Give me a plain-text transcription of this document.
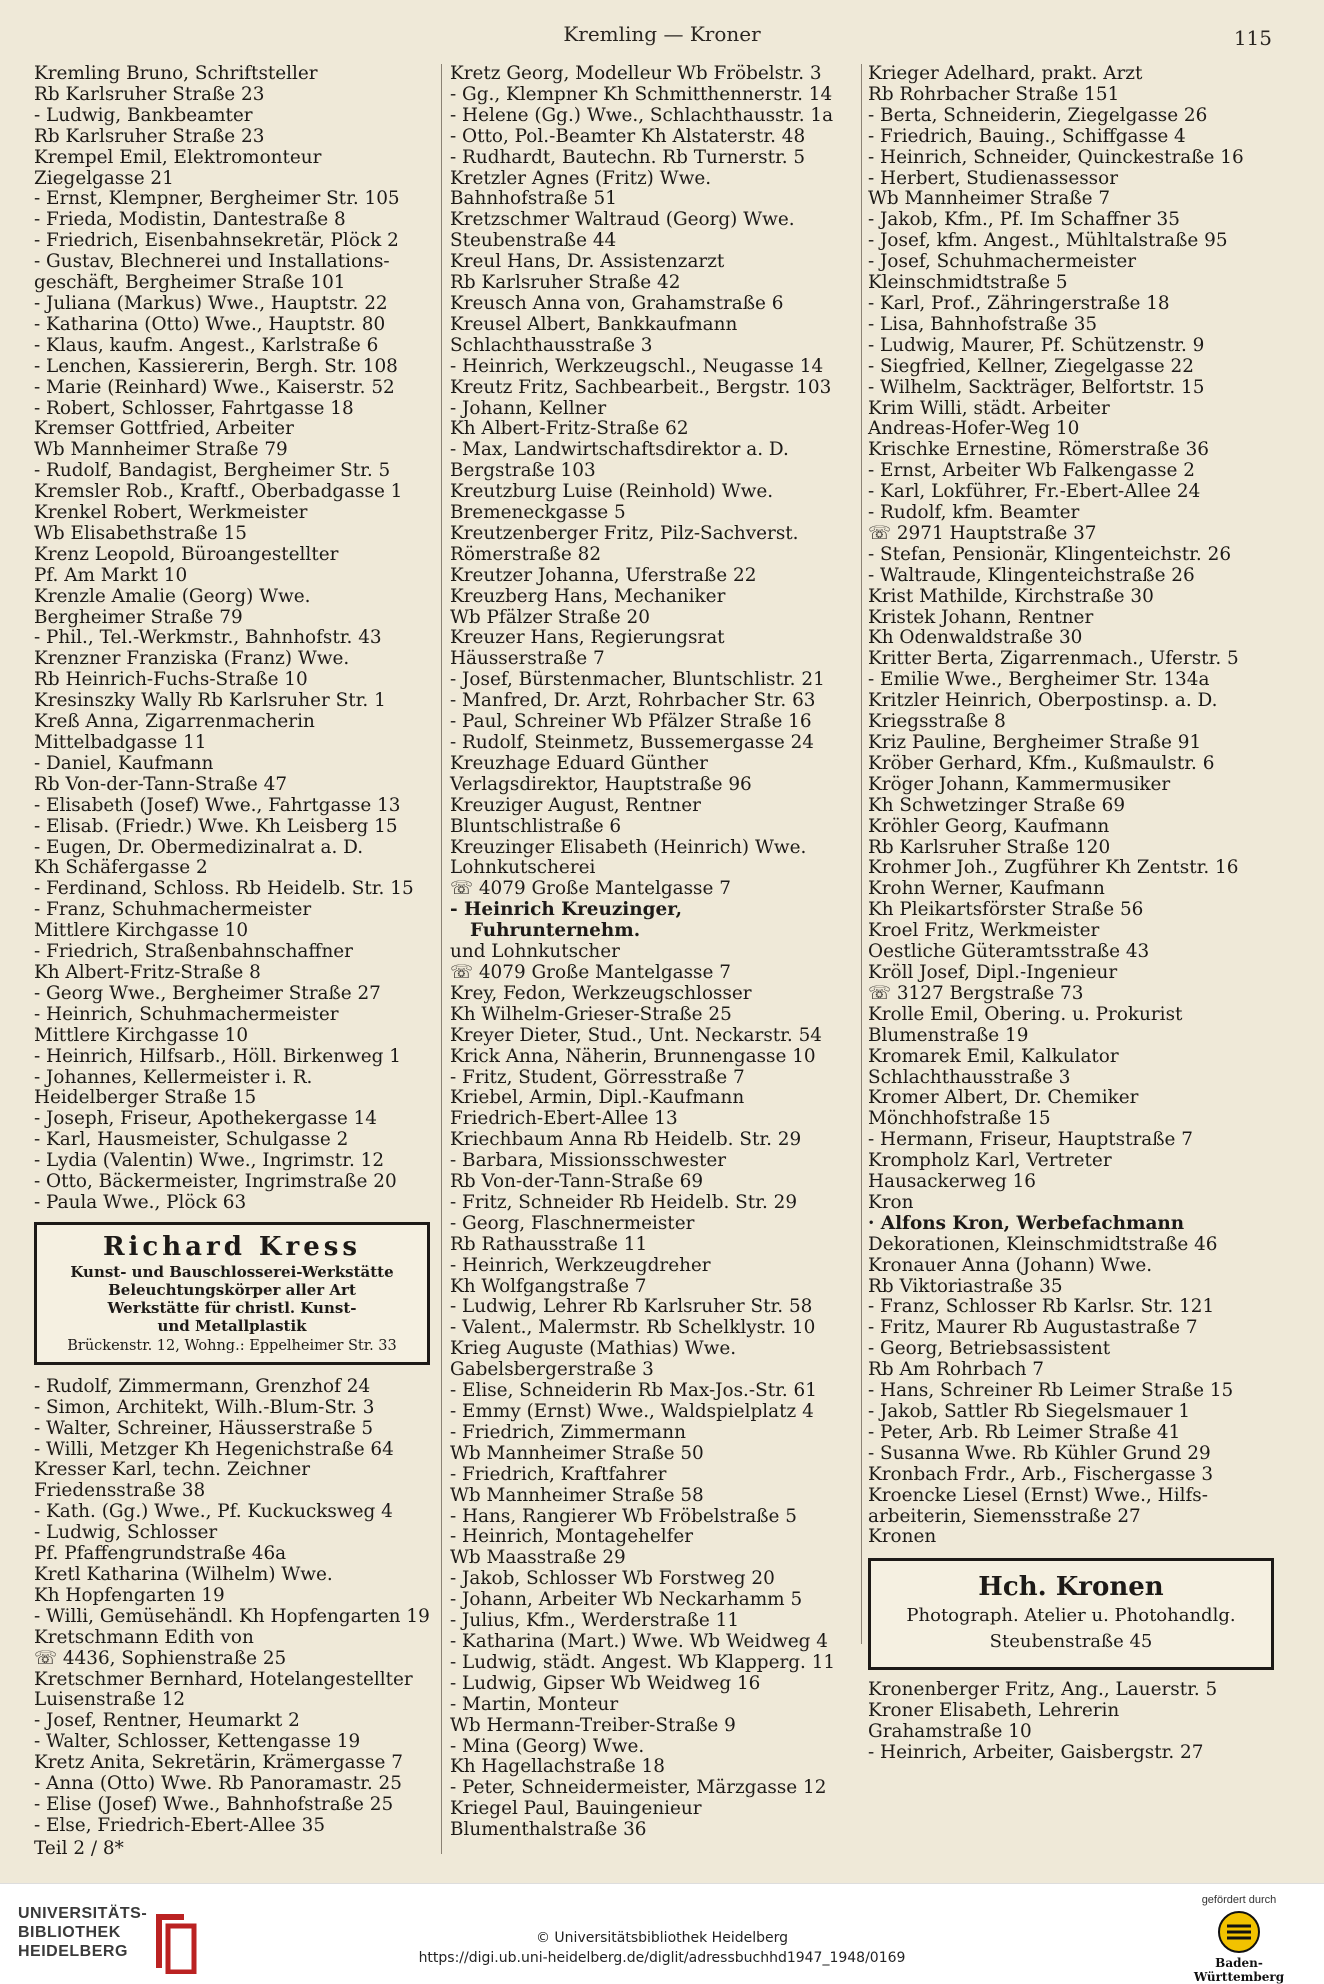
Kremling — Kroner	115
Kremling Bruno, Schriftsteller
Rb Karlsruher Straße 23
- Ludwig, Bankbeamter
Rb Karlsruher Straße 23
Krempel Emil, Elektromonteur
Ziegelgasse 21
- Ernst, Klempner, Bergheimer Str. 105
- Frieda, Modistin, Dantestraße 8
- Friedrich, Eisenbahnsekretär, Plöck 2
- Gustav, Blechnerei und Installations-
geschäft, Bergheimer Straße 101
- Juliana (Markus) Wwe., Hauptstr. 22
- Katharina (Otto) Wwe., Hauptstr. 80
- Klaus, kaufm. Angest., Karlstraße 6
- Lenchen, Kassiererin, Bergh. Str. 108
- Marie (Reinhard) Wwe., Kaiserstr. 52
- Robert, Schlosser, Fahrtgasse 18
Kremser Gottfried, Arbeiter
Wb Mannheimer Straße 79
- Rudolf, Bandagist, Bergheimer Str. 5
Kremsler Rob., Kraftf., Oberbadgasse 1
Krenkel Robert, Werkmeister
Wb Elisabethstraße 15
Krenz Leopold, Büroangestellter
Pf. Am Markt 10
Krenzle Amalie (Georg) Wwe.
Bergheimer Straße 79
- Phil., Tel.-Werkmstr., Bahnhofstr. 43
Krenzner Franziska (Franz) Wwe.
Rb Heinrich-Fuchs-Straße 10
Kresinszky Wally Rb Karlsruher Str. 1
Kreß Anna, Zigarrenmacherin
Mittelbadgasse 11
- Daniel, Kaufmann
Rb Von-der-Tann-Straße 47
- Elisabeth (Josef) Wwe., Fahrtgasse 13
- Elisab. (Friedr.) Wwe. Kh Leisberg 15
- Eugen, Dr. Obermedizinalrat a. D.
Kh Schäfergasse 2
- Ferdinand, Schloss. Rb Heidelb. Str. 15
- Franz, Schuhmachermeister
Mittlere Kirchgasse 10
- Friedrich, Straßenbahnschaffner
Kh Albert-Fritz-Straße 8
- Georg Wwe., Bergheimer Straße 27
- Heinrich, Schuhmachermeister
Mittlere Kirchgasse 10
- Heinrich, Hilfsarb., Höll. Birkenweg 1
- Johannes, Kellermeister i. R.
Heidelberger Straße 15
- Joseph, Friseur, Apothekergasse 14
- Karl, Hausmeister, Schulgasse 2
- Lydia (Valentin) Wwe., Ingrimstr. 12
- Otto, Bäckermeister, Ingrimstraße 20
- Paula Wwe., Plöck 63
Richard Kress
Kunst- und Bauschlosserei-Werkstätte
Beleuchtungskörper aller Art
Werkstätte für christl. Kunst-
und Metallplastik
Brückenstr. 12, Wohng.: Eppelheimer Str. 33
- Rudolf, Zimmermann, Grenzhof 24
- Simon, Architekt, Wilh.-Blum-Str. 3
- Walter, Schreiner, Häusserstraße 5
- Willi, Metzger Kh Hegenichstraße 64
Kresser Karl, techn. Zeichner
Friedensstraße 38
- Kath. (Gg.) Wwe., Pf. Kuckucksweg 4
- Ludwig, Schlosser
Pf. Pfaffengrundstraße 46a
Kretl Katharina (Wilhelm) Wwe.
Kh Hopfengarten 19
- Willi, Gemüsehändl. Kh Hopfengarten 19
Kretschmann Edith von
☏ 4436, Sophienstraße 25
Kretschmer Bernhard, Hotelangestellter
Luisenstraße 12
- Josef, Rentner, Heumarkt 2
- Walter, Schlosser, Kettengasse 19
Kretz Anita, Sekretärin, Krämergasse 7
- Anna (Otto) Wwe. Rb Panoramastr. 25
- Elise (Josef) Wwe., Bahnhofstraße 25
- Else, Friedrich-Ebert-Allee 35
Teil 2 / 8*
Kretz Georg, Modelleur Wb Fröbelstr. 3
- Gg., Klempner Kh Schmitthennerstr. 14
- Helene (Gg.) Wwe., Schlachthausstr. 1a
- Otto, Pol.-Beamter Kh Alstaterstr. 48
- Rudhardt, Bautechn. Rb Turnerstr. 5
Kretzler Agnes (Fritz) Wwe.
Bahnhofstraße 51
Kretzschmer Waltraud (Georg) Wwe.
Steubenstraße 44
Kreul Hans, Dr. Assistenzarzt
Rb Karlsruher Straße 42
Kreusch Anna von, Grahamstraße 6
Kreusel Albert, Bankkaufmann
Schlachthausstraße 3
- Heinrich, Werkzeugschl., Neugasse 14
Kreutz Fritz, Sachbearbeit., Bergstr. 103
- Johann, Kellner
Kh Albert-Fritz-Straße 62
- Max, Landwirtschaftsdirektor a. D.
Bergstraße 103
Kreutzburg Luise (Reinhold) Wwe.
Bremeneckgasse 5
Kreutzenberger Fritz, Pilz-Sachverst.
Römerstraße 82
Kreutzer Johanna, Uferstraße 22
Kreuzberg Hans, Mechaniker
Wb Pfälzer Straße 20
Kreuzer Hans, Regierungsrat
Häusserstraße 7
- Josef, Bürstenmacher, Bluntschlistr. 21
- Manfred, Dr. Arzt, Rohrbacher Str. 63
- Paul, Schreiner Wb Pfälzer Straße 16
- Rudolf, Steinmetz, Bussemergasse 24
Kreuzhage Eduard Günther
Verlagsdirektor, Hauptstraße 96
Kreuziger August, Rentner
Bluntschlistraße 6
Kreuzinger Elisabeth (Heinrich) Wwe.
Lohnkutscherei
☏ 4079 Große Mantelgasse 7
- Heinrich Kreuzinger, Fuhrunternehm.
und Lohnkutscher
☏ 4079 Große Mantelgasse 7
Krey, Fedon, Werkzeugschlosser
Kh Wilhelm-Grieser-Straße 25
Kreyer Dieter, Stud., Unt. Neckarstr. 54
Krick Anna, Näherin, Brunnengasse 10
- Fritz, Student, Görresstraße 7
Kriebel, Armin, Dipl.-Kaufmann
Friedrich-Ebert-Allee 13
Kriechbaum Anna Rb Heidelb. Str. 29
- Barbara, Missionsschwester
Rb Von-der-Tann-Straße 69
- Fritz, Schneider Rb Heidelb. Str. 29
- Georg, Flaschnermeister
Rb Rathausstraße 11
- Heinrich, Werkzeugdreher
Kh Wolfgangstraße 7
- Ludwig, Lehrer Rb Karlsruher Str. 58
- Valent., Malermstr. Rb Schelklystr. 10
Krieg Auguste (Mathias) Wwe.
Gabelsbergerstraße 3
- Elise, Schneiderin Rb Max-Jos.-Str. 61
- Emmy (Ernst) Wwe., Waldspielplatz 4
- Friedrich, Zimmermann
Wb Mannheimer Straße 50
- Friedrich, Kraftfahrer
Wb Mannheimer Straße 58
- Hans, Rangierer Wb Fröbelstraße 5
- Heinrich, Montagehelfer
Wb Maasstraße 29
- Jakob, Schlosser Wb Forstweg 20
- Johann, Arbeiter Wb Neckarhamm 5
- Julius, Kfm., Werderstraße 11
- Katharina (Mart.) Wwe. Wb Weidweg 4
- Ludwig, städt. Angest. Wb Klapperg. 11
- Ludwig, Gipser Wb Weidweg 16
- Martin, Monteur
Wb Hermann-Treiber-Straße 9
- Mina (Georg) Wwe.
Kh Hagellachstraße 18
- Peter, Schneidermeister, Märzgasse 12
Kriegel Paul, Bauingenieur
Blumenthalstraße 36
Krieger Adelhard, prakt. Arzt
Rb Rohrbacher Straße 151
- Berta, Schneiderin, Ziegelgasse 26
- Friedrich, Bauing., Schiffgasse 4
- Heinrich, Schneider, Quinckestraße 16
- Herbert, Studienassessor
Wb Mannheimer Straße 7
- Jakob, Kfm., Pf. Im Schaffner 35
- Josef, kfm. Angest., Mühltalstraße 95
- Josef, Schuhmachermeister
Kleinschmidtstraße 5
- Karl, Prof., Zähringerstraße 18
- Lisa, Bahnhofstraße 35
- Ludwig, Maurer, Pf. Schützenstr. 9
- Siegfried, Kellner, Ziegelgasse 22
- Wilhelm, Sackträger, Belfortstr. 15
Krim Willi, städt. Arbeiter
Andreas-Hofer-Weg 10
Krischke Ernestine, Römerstraße 36
- Ernst, Arbeiter Wb Falkengasse 2
- Karl, Lokführer, Fr.-Ebert-Allee 24
- Rudolf, kfm. Beamter
☏ 2971 Hauptstraße 37
- Stefan, Pensionär, Klingenteichstr. 26
- Waltraude, Klingenteichstraße 26
Krist Mathilde, Kirchstraße 30
Kristek Johann, Rentner
Kh Odenwaldstraße 30
Kritter Berta, Zigarrenmach., Uferstr. 5
- Emilie Wwe., Bergheimer Str. 134a
Kritzler Heinrich, Oberpostinsp. a. D.
Kriegsstraße 8
Kriz Pauline, Bergheimer Straße 91
Kröber Gerhard, Kfm., Kußmaulstr. 6
Kröger Johann, Kammermusiker
Kh Schwetzinger Straße 69
Kröhler Georg, Kaufmann
Rb Karlsruher Straße 120
Krohmer Joh., Zugführer Kh Zentstr. 16
Krohn Werner, Kaufmann
Kh Pleikartsförster Straße 56
Kroel Fritz, Werkmeister
Oestliche Güteramtsstraße 43
Kröll Josef, Dipl.-Ingenieur
☏ 3127 Bergstraße 73
Krolle Emil, Obering. u. Prokurist
Blumenstraße 19
Kromarek Emil, Kalkulator
Schlachthausstraße 3
Kromer Albert, Dr. Chemiker
Mönchhofstraße 15
- Hermann, Friseur, Hauptstraße 7
Krompholz Karl, Vertreter
Hausackerweg 16
Kron
· Alfons Kron, Werbefachmann
Dekorationen, Kleinschmidtstraße 46
Kronauer Anna (Johann) Wwe.
Rb Viktoriastraße 35
- Franz, Schlosser Rb Karlsr. Str. 121
- Fritz, Maurer Rb Augustastraße 7
- Georg, Betriebsassistent
Rb Am Rohrbach 7
- Hans, Schreiner Rb Leimer Straße 15
- Jakob, Sattler Rb Siegelsmauer 1
- Peter, Arb. Rb Leimer Straße 41
- Susanna Wwe. Rb Kühler Grund 29
Kronbach Frdr., Arb., Fischergasse 3
Kroencke Liesel (Ernst) Wwe., Hilfs-
arbeiterin, Siemensstraße 27
Kronen
Hch. Kronen
Photograph. Atelier u. Photohandlg.
Steubenstraße 45
Kronenberger Fritz, Ang., Lauerstr. 5
Kroner Elisabeth, Lehrerin
Grahamstraße 10
- Heinrich, Arbeiter, Gaisbergstr. 27
UNIVERSITÄTS-
BIBLIOTHEK
HEIDELBERG
© Universitätsbibliothek Heidelberg
https://digi.ub.uni-heidelberg.de/diglit/adressbuchhd1947_1948/0169
gefördert durch
Baden-Württemberg
